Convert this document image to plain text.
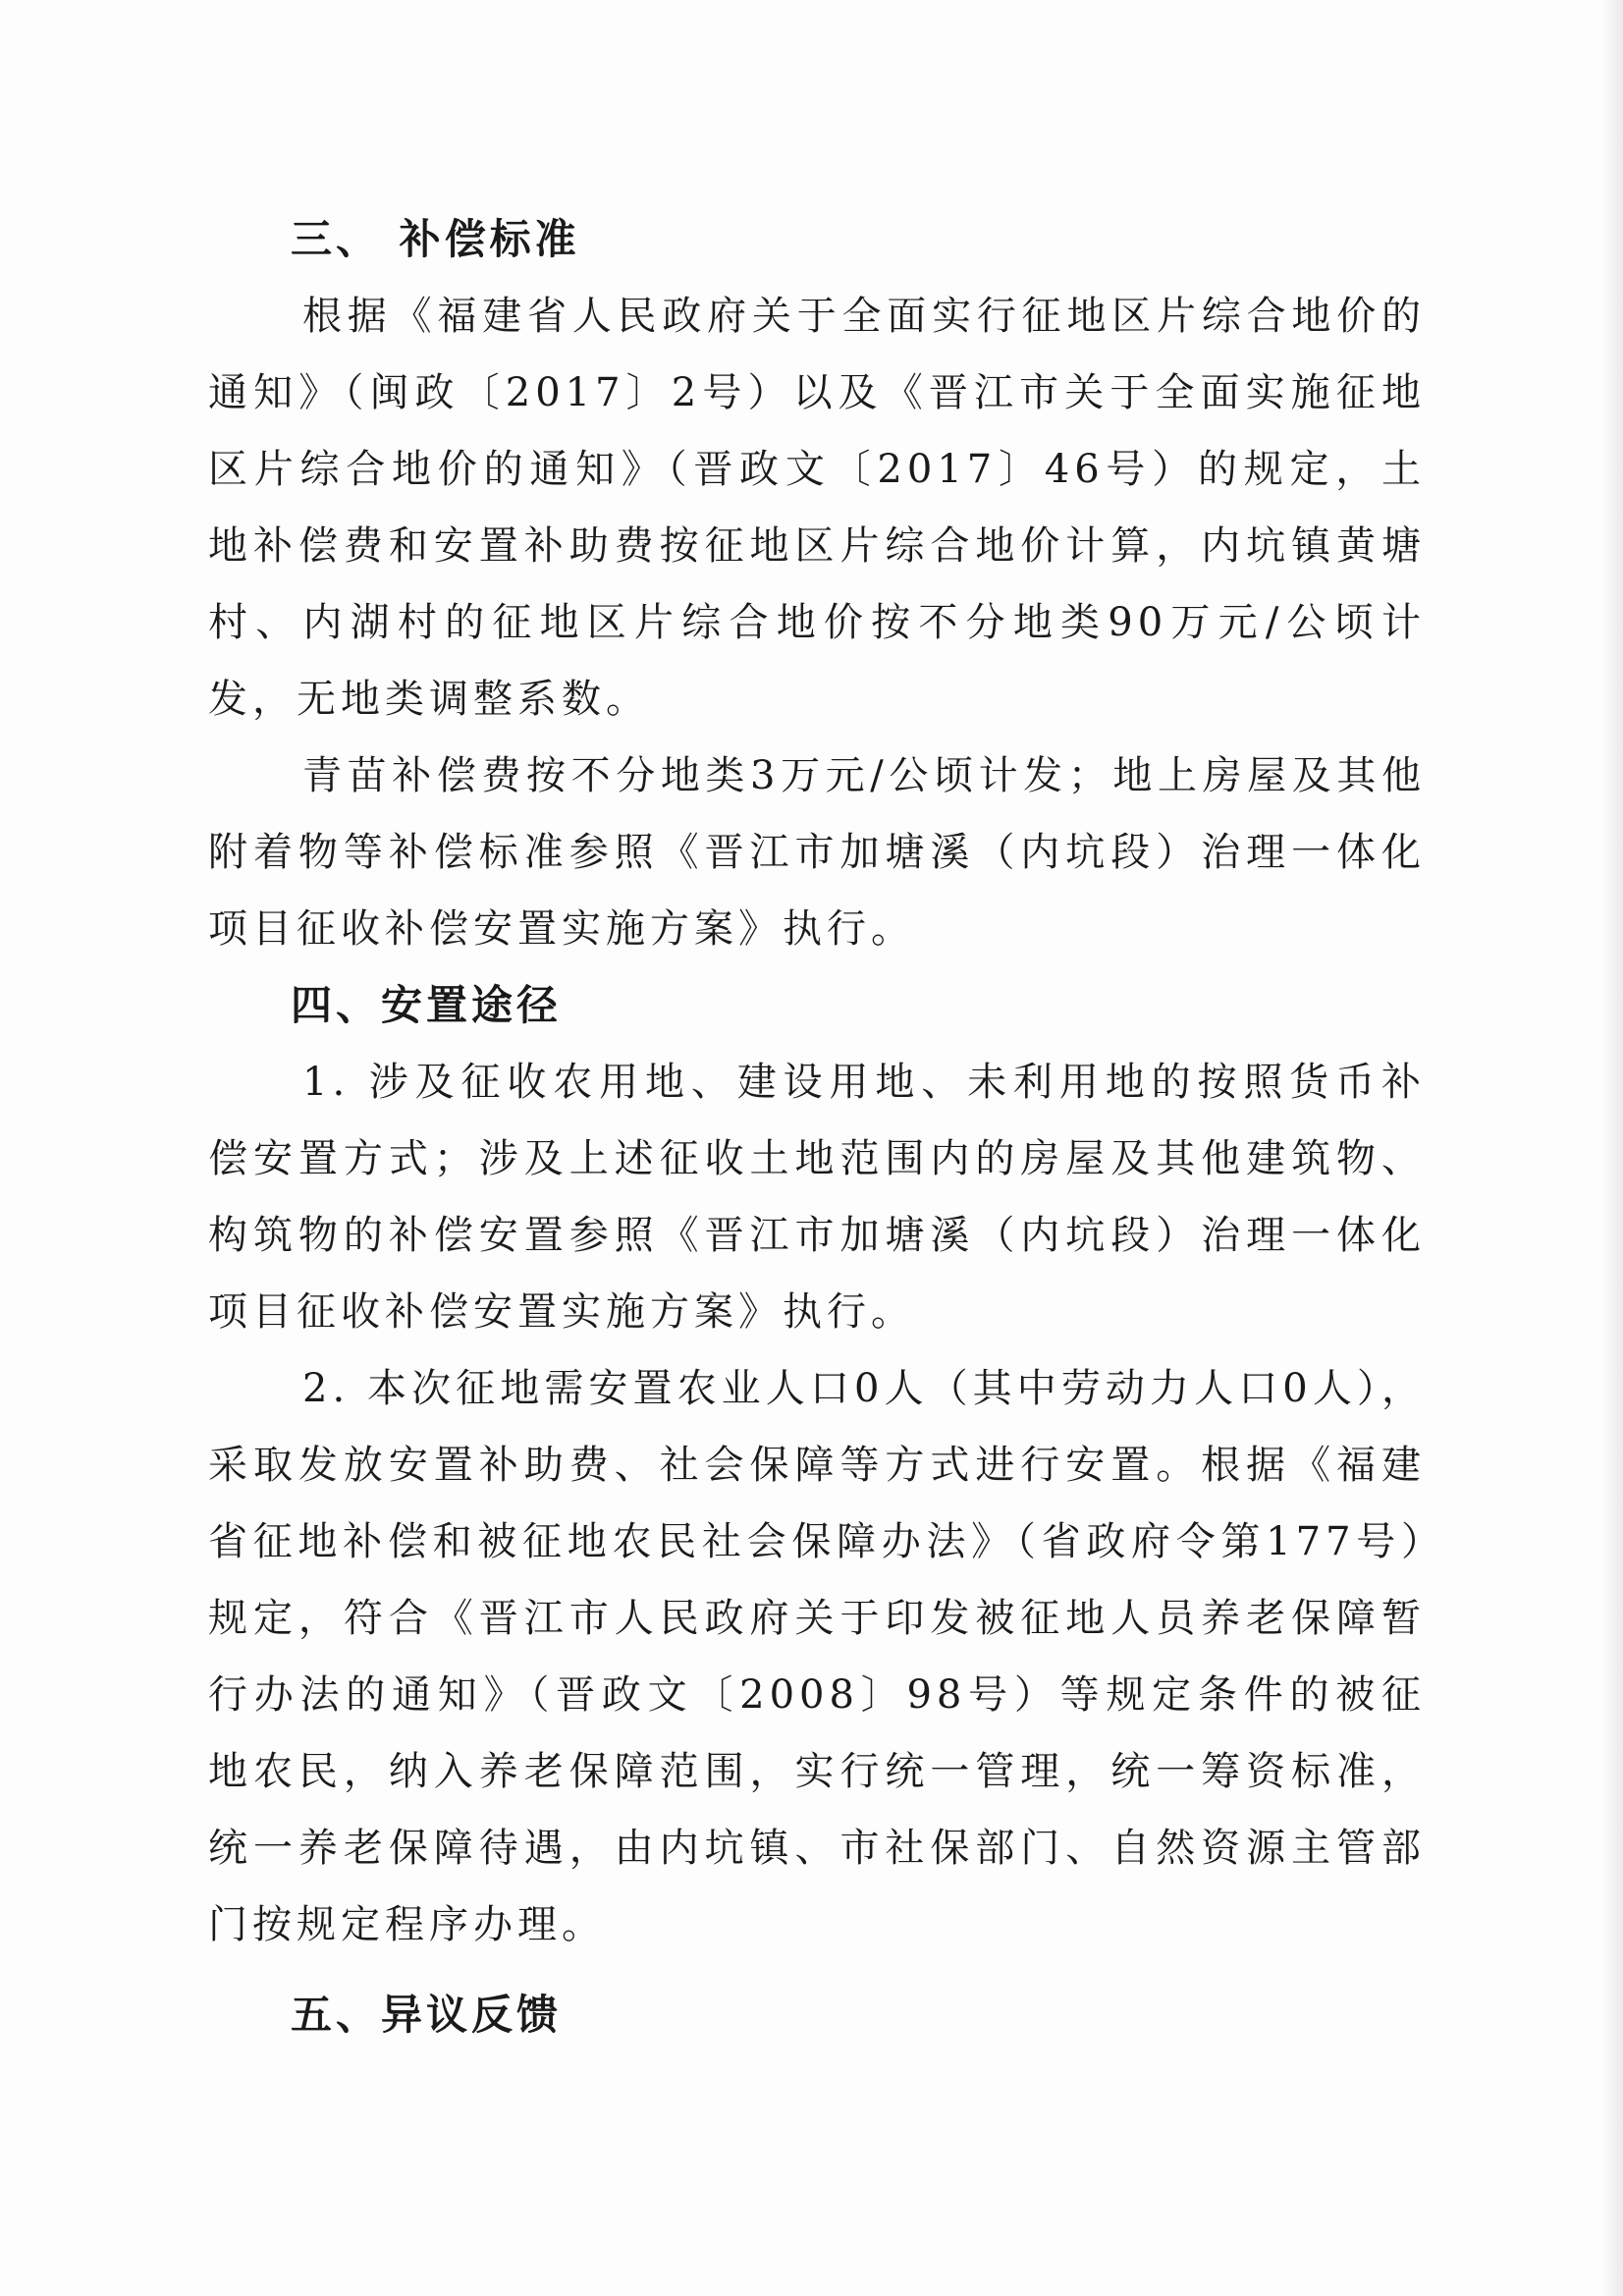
三、 补偿标准

根据《福建省人民政府关于全面实行征地区片综合地价的通知》（闽政〔2017〕2号）以及《晋江市关于全面实施征地区片综合地价的通知》（晋政文〔2017〕46号）的规定，土地补偿费和安置补助费按征地区片综合地价计算，内坑镇黄塘村、内湖村的征地区片综合地价按不分地类90万元/公顷计发，无地类调整系数。

青苗补偿费按不分地类3万元/公顷计发；地上房屋及其他附着物等补偿标准参照《晋江市加塘溪（内坑段）治理一体化项目征收补偿安置实施方案》执行。

四、安置途径

1. 涉及征收农用地、建设用地、未利用地的按照货币补偿安置方式；涉及上述征收土地范围内的房屋及其他建筑物、构筑物的补偿安置参照《晋江市加塘溪（内坑段）治理一体化项目征收补偿安置实施方案》执行。

2. 本次征地需安置农业人口0人（其中劳动力人口0人），采取发放安置补助费、社会保障等方式进行安置。根据《福建省征地补偿和被征地农民社会保障办法》（省政府令第177号）规定，符合《晋江市人民政府关于印发被征地人员养老保障暂行办法的通知》（晋政文〔2008〕98号）等规定条件的被征地农民，纳入养老保障范围，实行统一管理，统一筹资标准，统一养老保障待遇，由内坑镇、市社保部门、自然资源主管部门按规定程序办理。

五、异议反馈
